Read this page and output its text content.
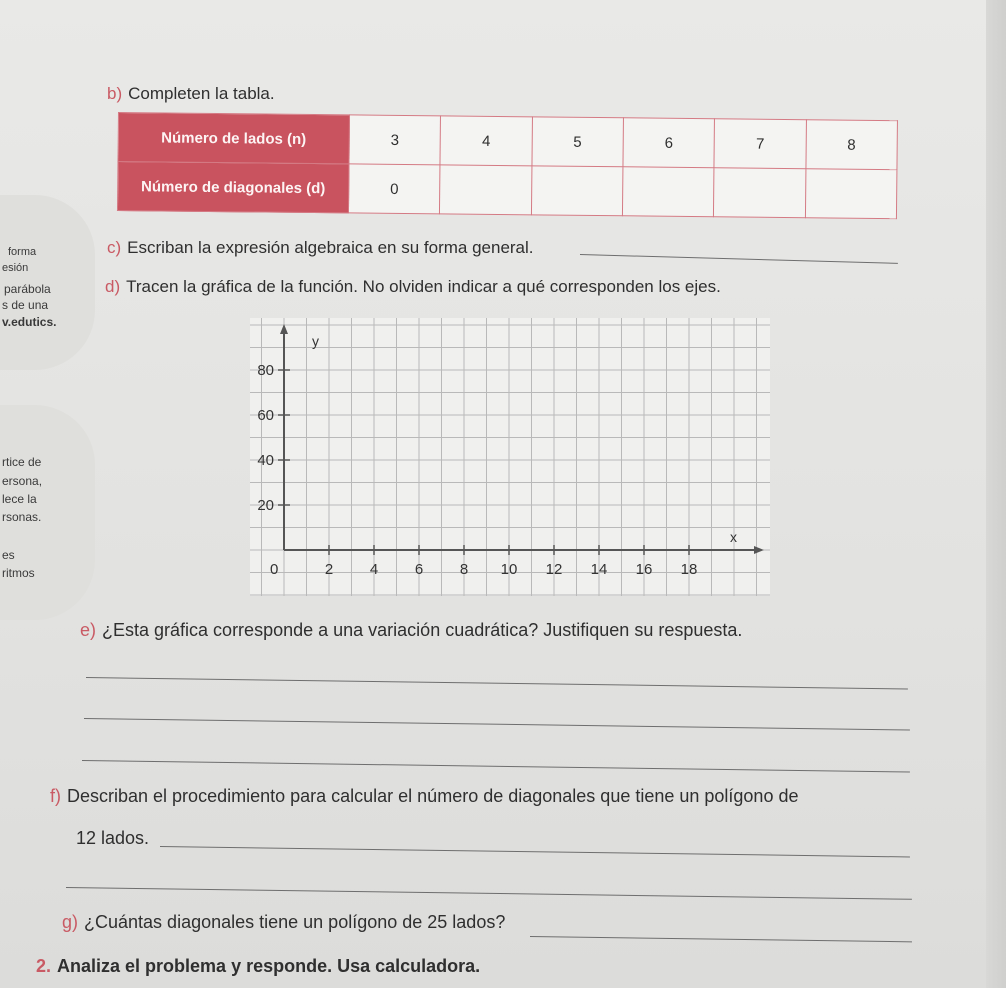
forma
esión
parábola
s de una
v.edutics.
rtice de
ersona,
lece la
rsonas.
es
ritmos
b) Completen la tabla.
Número de lados (n)	3	4	5	6	7	8
Número de diagonales (d)	0					
c) Escriban la expresión algebraica en su forma general.
d) Tracen la gráfica de la función. No olviden indicar a qué corresponden los ejes.
0	2 4 6 8 10 12 14 16 18
20
40
60
80
y
x
e) ¿Esta gráfica corresponde a una variación cuadrática? Justifiquen su respuesta.
f) Describan el procedimiento para calcular el número de diagonales que tiene un polígono de
12 lados.
g) ¿Cuántas diagonales tiene un polígono de 25 lados?
2. Analiza el problema y responde. Usa calculadora.
